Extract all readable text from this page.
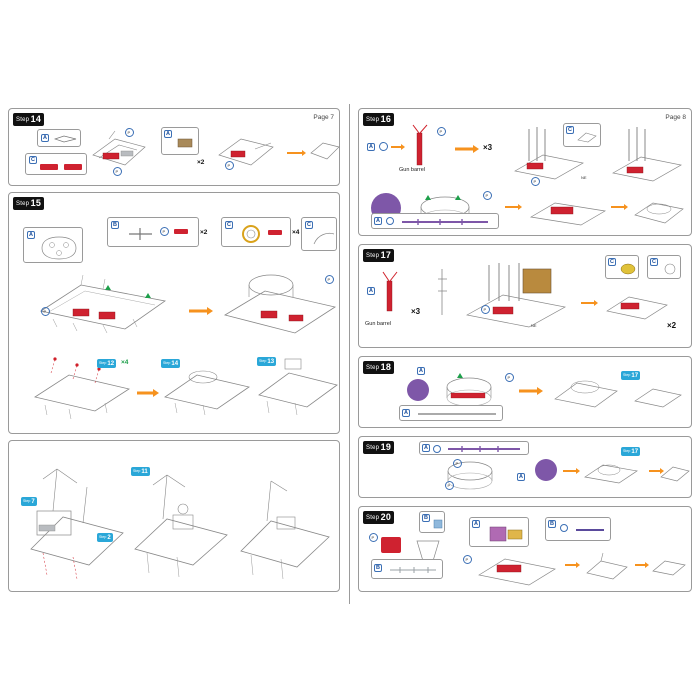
Step 14	Page 7
A
C
P
P
A
×2	P
Step 15
A
B
P	×2
C
×4
C
P
P
Step 12 ×4	Step 14	Step 13
Step 7
Step 2
Step 11
Step 16	Page 8
A
P
Gun barrel
×3
P
NE
C
P
A
Step 17
A
Gun barrel
×3	P
NE
C	C
×2
Step 18	A
P
A
Step 17
Step 19	A
P
P
A
Step 17
Step 20	B
P
B
A	B
P
